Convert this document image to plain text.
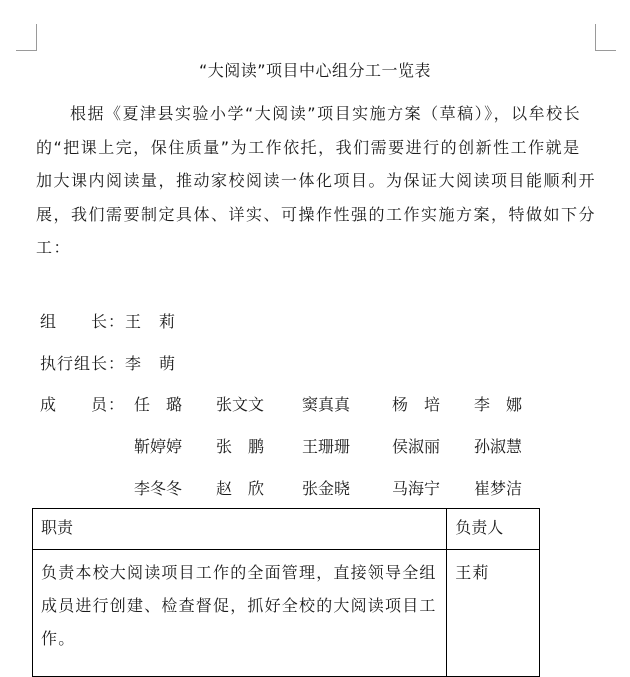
“大阅读”项目中心组分工一览表

根据《夏津县实验小学“大阅读”项目实施方案（草稿）》，以牟校长的“把课上完，保住质量”为工作依托，我们需要进行的创新性工作就是加大课内阅读量，推动家校阅读一体化项目。为保证大阅读项目能顺利开展，我们需要制定具体、详实、可操作性强的工作实施方案，特做如下分工：

组　　长：王　莉
执行组长：李　萌
成　　员： 任　璐 张文文 窦真真	杨　培 李　娜
靳婷婷 张　鹏 王珊珊	侯淑丽 孙淑慧
李冬冬 赵　欣 张金晓	马海宁 崔梦洁
职责	负责人
负责本校大阅读项目工作的全面管理，直接领导全组成员进行创建、检查督促，抓好全校的大阅读项目工作。	王莉
